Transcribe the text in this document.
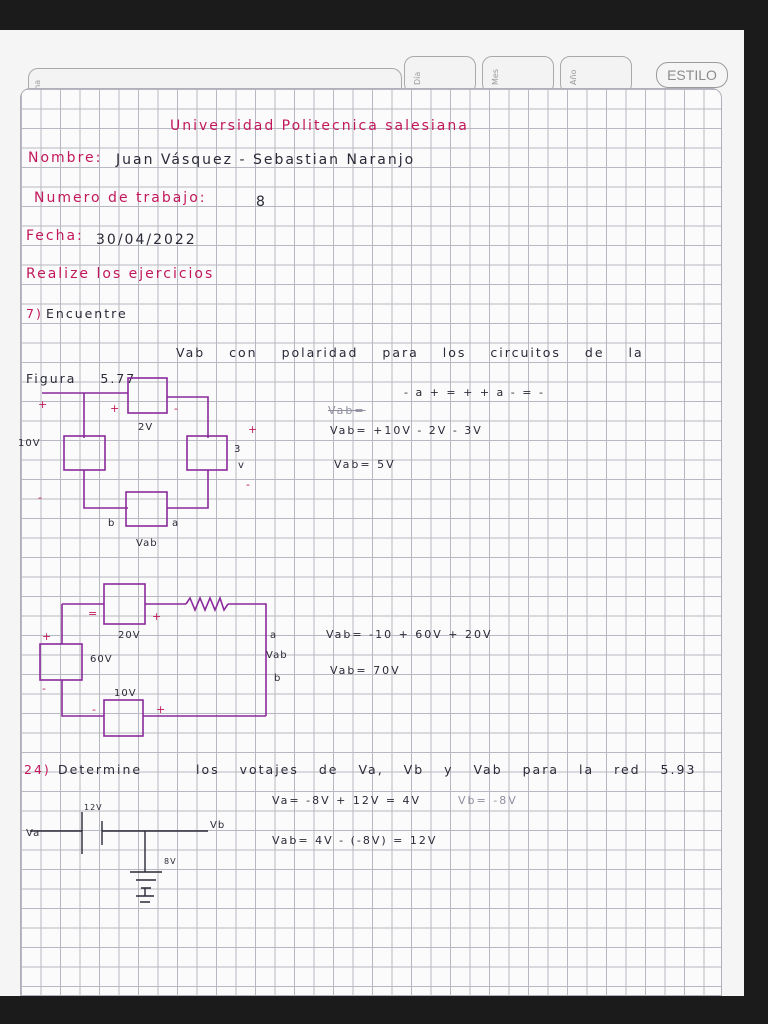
Día	Mes	Año	ESTILO
Universidad Politecnica salesiana
Nombre: Juan Vásquez - Sebastian Naranjo
Numero de trabajo:	8
Fecha: 30/04/2022
Realize los ejercicios
7) Encuentre
Vab con polaridad para los circuitos de la Figura 5.77
- a + = + + a - = -
Vab=
Vab= +10V - 2V - 3V
Vab= 5V
Vab= -10 + 60V + 20V
Vab= 70V
24) Determine	los votajes de Va, Vb y Vab para la red 5.93
Va= -8V + 12V = 4V	Vb= -8V
Vab= 4V - (-8V) = 12V
+	+	-
+
-
-
=	+
+
-
-	+
10V
2V
3
v
Vab
b	a
20V
60V
10V
a
Vab
b
12V
Va
Vb
8V
